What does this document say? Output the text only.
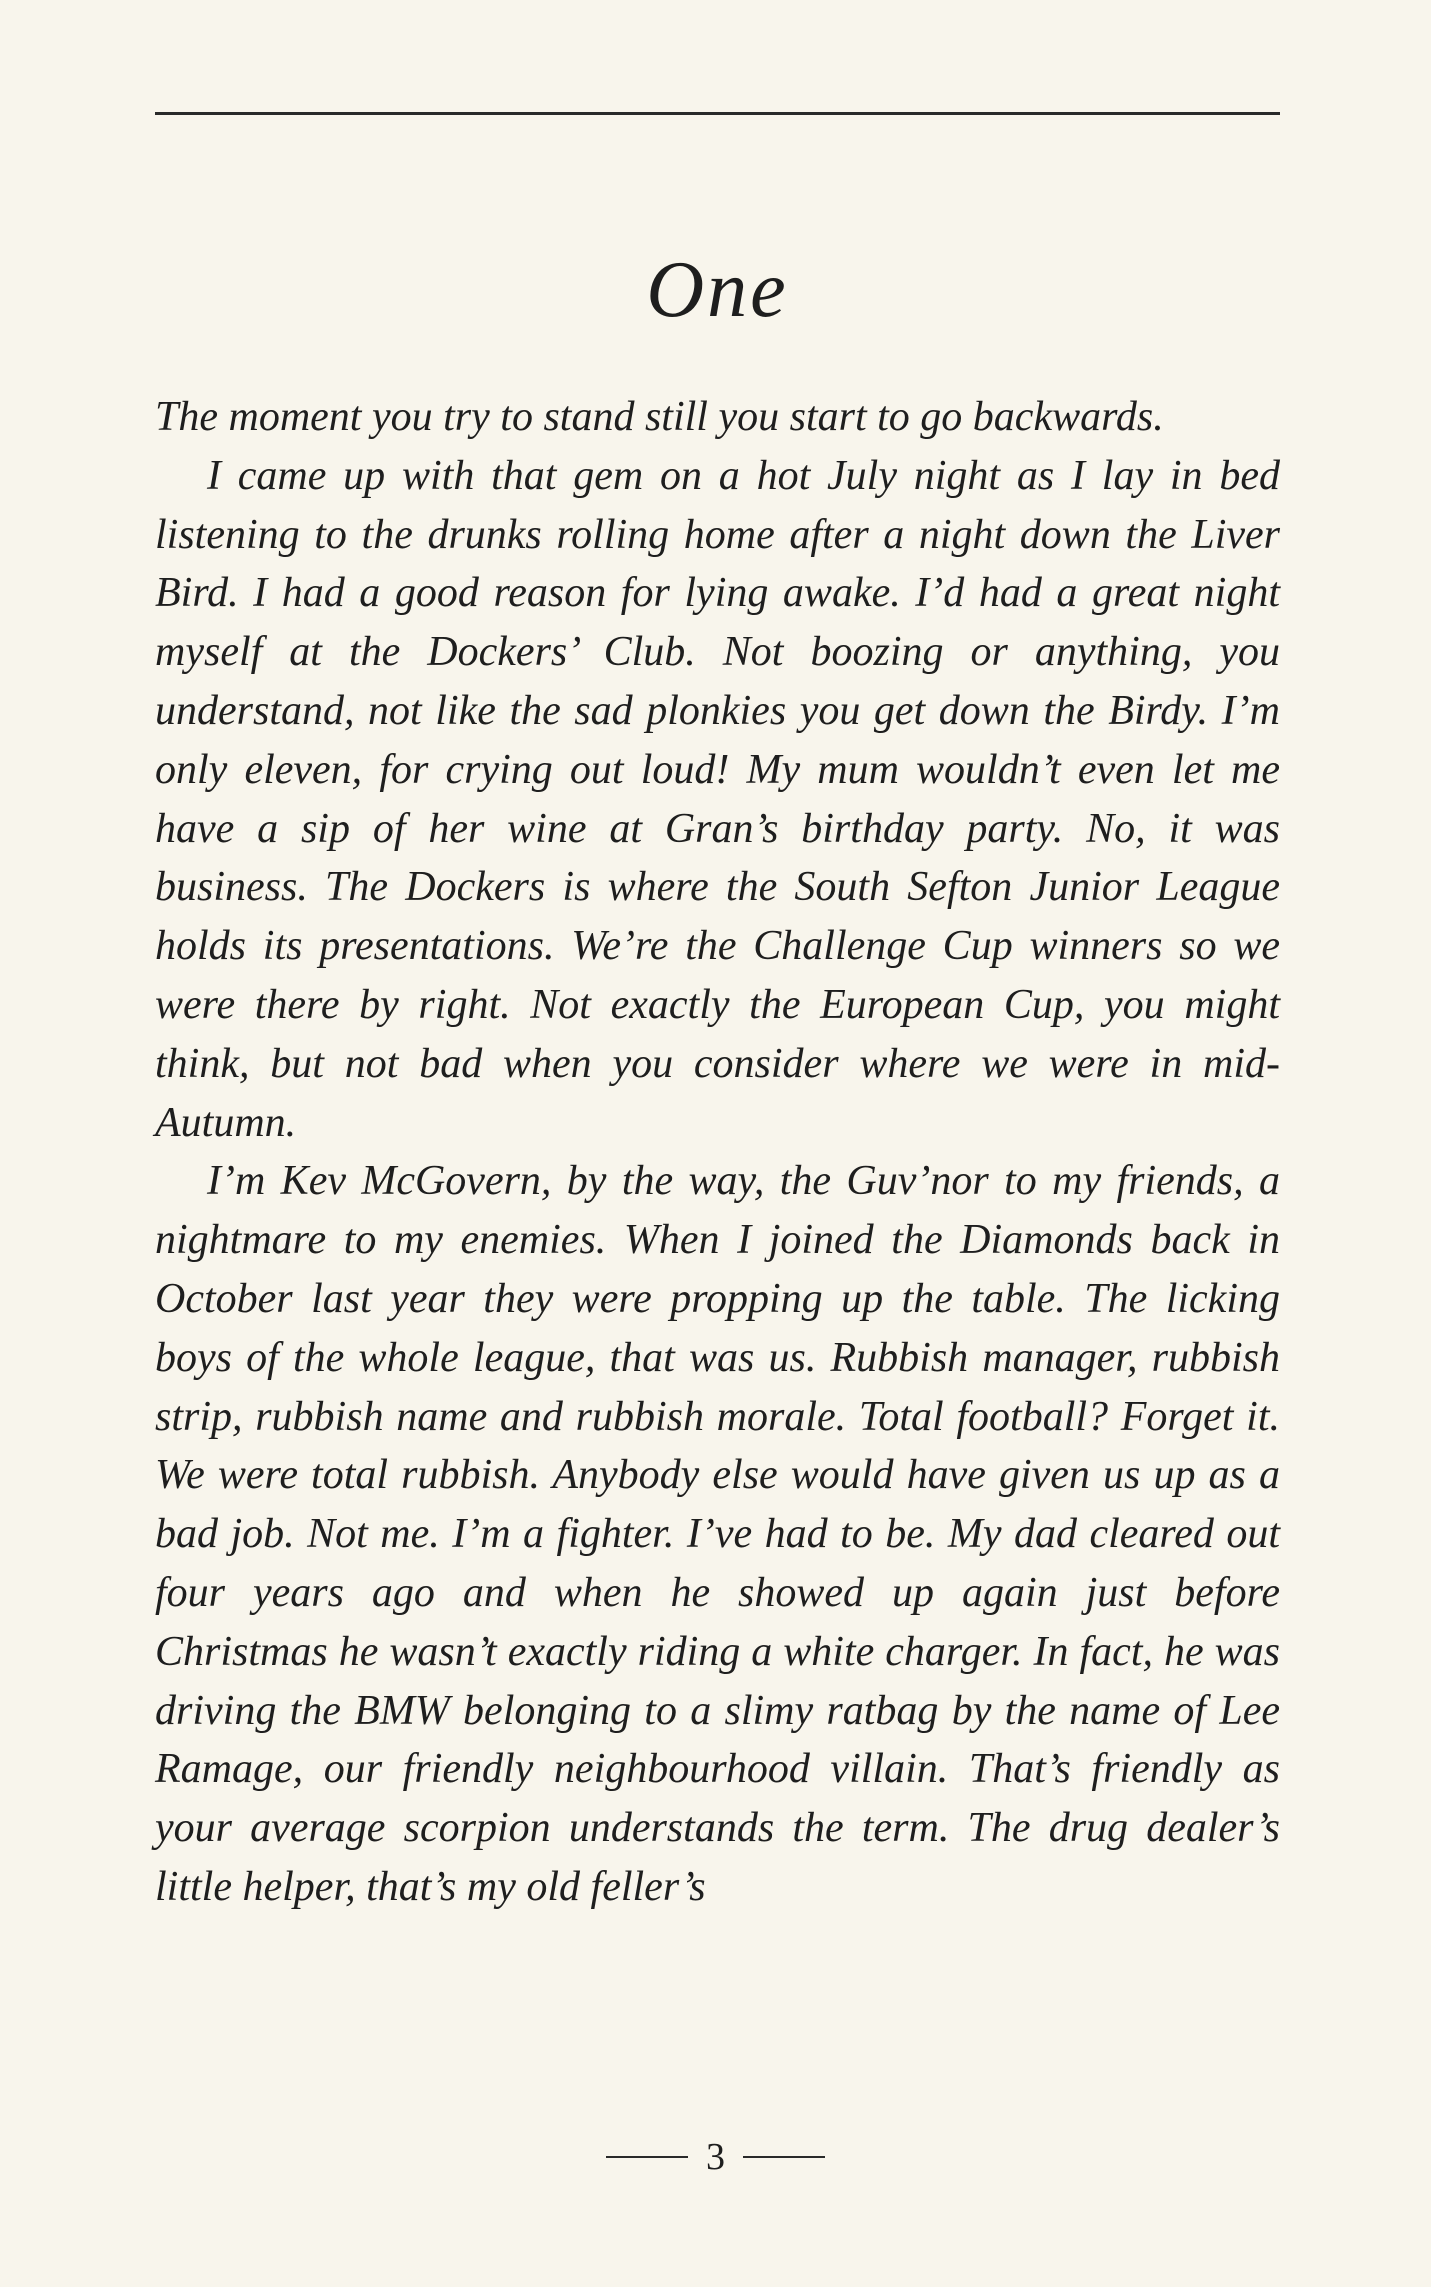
One

The moment you try to stand still you start to go backwards.

I came up with that gem on a hot July night as I lay in bed listening to the drunks rolling home after a night down the Liver Bird. I had a good reason for lying awake. I’d had a great night myself at the Dockers’ Club. Not boozing or anything, you understand, not like the sad plonkies you get down the Birdy. I’m only eleven, for crying out loud! My mum wouldn’t even let me have a sip of her wine at Gran’s birthday party. No, it was business. The Dockers is where the South Sefton Junior League holds its presentations. We’re the Challenge Cup winners so we were there by right. Not exactly the European Cup, you might think, but not bad when you consider where we were in mid-Autumn.

I’m Kev McGovern, by the way, the Guv’nor to my friends, a nightmare to my enemies. When I joined the Diamonds back in October last year they were propping up the table. The licking boys of the whole league, that was us. Rubbish manager, rubbish strip, rubbish name and rubbish morale. Total football? Forget it. We were total rubbish. Anybody else would have given us up as a bad job. Not me. I’m a fighter. I’ve had to be. My dad cleared out four years ago and when he showed up again just before Christmas he wasn’t exactly riding a white charger. In fact, he was driving the BMW belonging to a slimy ratbag by the name of Lee Ramage, our friendly neighbourhood villain. That’s friendly as your average scorpion understands the term. The drug dealer’s little helper, that’s my old feller’s

3
